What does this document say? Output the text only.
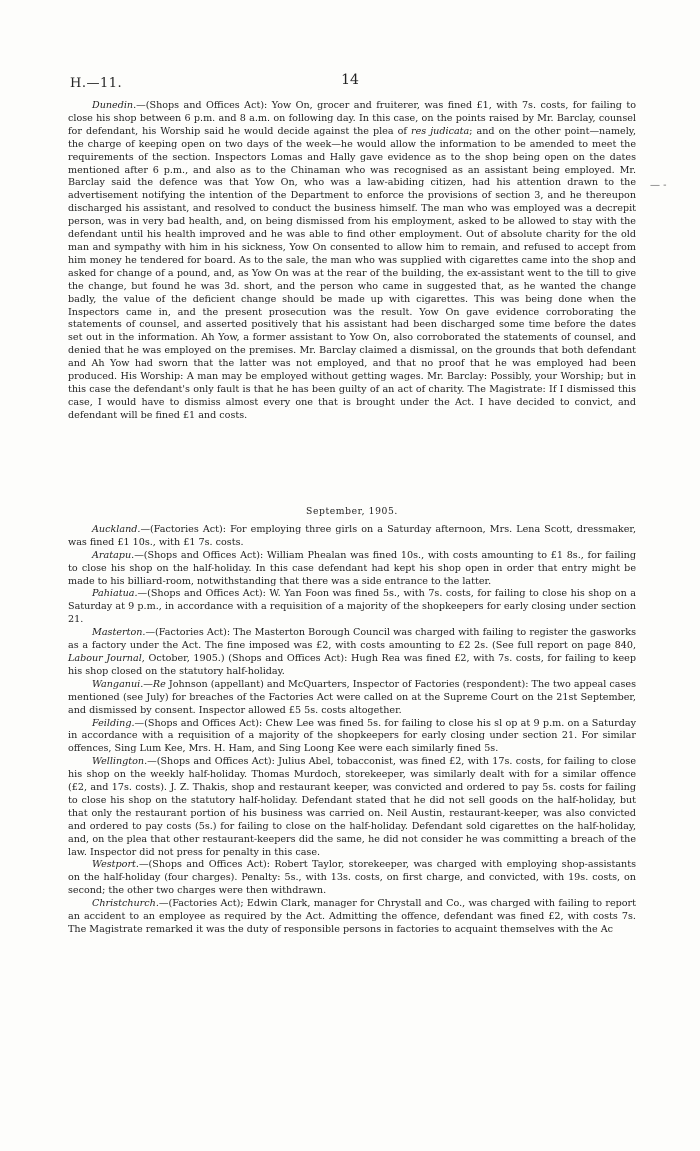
H.—11.	14
— -

Dunedin.—(Shops and Offices Act): Yow On, grocer and fruiterer, was fined £1, with 7s. costs, for failing to close his shop between 6 p.m. and 8 a.m. on following day. In this case, on the points raised by Mr. Barclay, counsel for defendant, his Worship said he would decide against the plea of res judicata; and on the other point—namely, the charge of keeping open on two days of the week—he would allow the information to be amended to meet the requirements of the section. Inspectors Lomas and Hally gave evidence as to the shop being open on the dates mentioned after 6 p.m., and also as to the Chinaman who was recognised as an assistant being employed. Mr. Barclay said the defence was that Yow On, who was a law-abiding citizen, had his attention drawn to the advertisement notifying the intention of the Department to enforce the provisions of section 3, and he thereupon discharged his assistant, and resolved to conduct the business himself. The man who was employed was a decrepit person, was in very bad health, and, on being dismissed from his employment, asked to be allowed to stay with the defendant until his health improved and he was able to find other employment. Out of absolute charity for the old man and sympathy with him in his sickness, Yow On consented to allow him to remain, and refused to accept from him money he tendered for board. As to the sale, the man who was supplied with cigarettes came into the shop and asked for change of a pound, and, as Yow On was at the rear of the building, the ex-assistant went to the till to give the change, but found he was 3d. short, and the person who came in suggested that, as he wanted the change badly, the value of the deficient change should be made up with cigarettes. This was being done when the Inspectors came in, and the present prosecution was the result. Yow On gave evidence corroborating the statements of counsel, and asserted positively that his assistant had been discharged some time before the dates set out in the information. Ah Yow, a former assistant to Yow On, also corroborated the statements of counsel, and denied that he was employed on the premises. Mr. Barclay claimed a dismissal, on the grounds that both defendant and Ah Yow had sworn that the latter was not employed, and that no proof that he was employed had been produced. His Worship: A man may be employed without getting wages. Mr. Barclay: Possibly, your Worship; but in this case the defendant's only fault is that he has been guilty of an act of charity. The Magistrate: If I dismissed this case, I would have to dismiss almost every one that is brought under the Act. I have decided to convict, and defendant will be fined £1 and costs.

September, 1905.

Auckland.—(Factories Act): For employing three girls on a Saturday afternoon, Mrs. Lena Scott, dressmaker, was fined £1 10s., with £1 7s. costs.

Aratapu.—(Shops and Offices Act): William Phealan was fined 10s., with costs amounting to £1 8s., for failing to close his shop on the half-holiday. In this case defendant had kept his shop open in order that entry might be made to his billiard-room, notwithstanding that there was a side entrance to the latter.

Pahiatua.—(Shops and Offices Act): W. Yan Foon was fined 5s., with 7s. costs, for failing to close his shop on a Saturday at 9 p.m., in accordance with a requisition of a majority of the shopkeepers for early closing under section 21.

Masterton.—(Factories Act): The Masterton Borough Council was charged with failing to register the gasworks as a factory under the Act. The fine imposed was £2, with costs amounting to £2 2s. (See full report on page 840, Labour Journal, October, 1905.) (Shops and Offices Act): Hugh Rea was fined £2, with 7s. costs, for failing to keep his shop closed on the statutory half-holiday.

Wanganui.—Re Johnson (appellant) and McQuarters, Inspector of Factories (respondent): The two appeal cases mentioned (see July) for breaches of the Factories Act were called on at the Supreme Court on the 21st September, and dismissed by consent. Inspector allowed £5 5s. costs altogether.

Feilding.—(Shops and Offices Act): Chew Lee was fined 5s. for failing to close his sl op at 9 p.m. on a Saturday in accordance with a requisition of a majority of the shopkeepers for early closing under section 21. For similar offences, Sing Lum Kee, Mrs. H. Ham, and Sing Loong Kee were each similarly fined 5s.

Wellington.—(Shops and Offices Act): Julius Abel, tobacconist, was fined £2, with 17s. costs, for failing to close his shop on the weekly half-holiday. Thomas Murdoch, storekeeper, was similarly dealt with for a similar offence (£2, and 17s. costs). J. Z. Thakis, shop and restaurant keeper, was convicted and ordered to pay 5s. costs for failing to close his shop on the statutory half-holiday. Defendant stated that he did not sell goods on the half-holiday, but that only the restaurant portion of his business was carried on. Neil Austin, restaurant-keeper, was also convicted and ordered to pay costs (5s.) for failing to close on the half-holiday. Defendant sold cigarettes on the half-holiday, and, on the plea that other restaurant-keepers did the same, he did not consider he was committing a breach of the law. Inspector did not press for penalty in this case.

Westport.—(Shops and Offices Act): Robert Taylor, storekeeper, was charged with employing shop-assistants on the half-holiday (four charges). Penalty: 5s., with 13s. costs, on first charge, and convicted, with 19s. costs, on second; the other two charges were then withdrawn.

Christchurch.—(Factories Act); Edwin Clark, manager for Chrystall and Co., was charged with failing to report an accident to an employee as required by the Act. Admitting the offence, defendant was fined £2, with costs 7s. The Magistrate remarked it was the duty of responsible persons in factories to acquaint themselves with the Ac
